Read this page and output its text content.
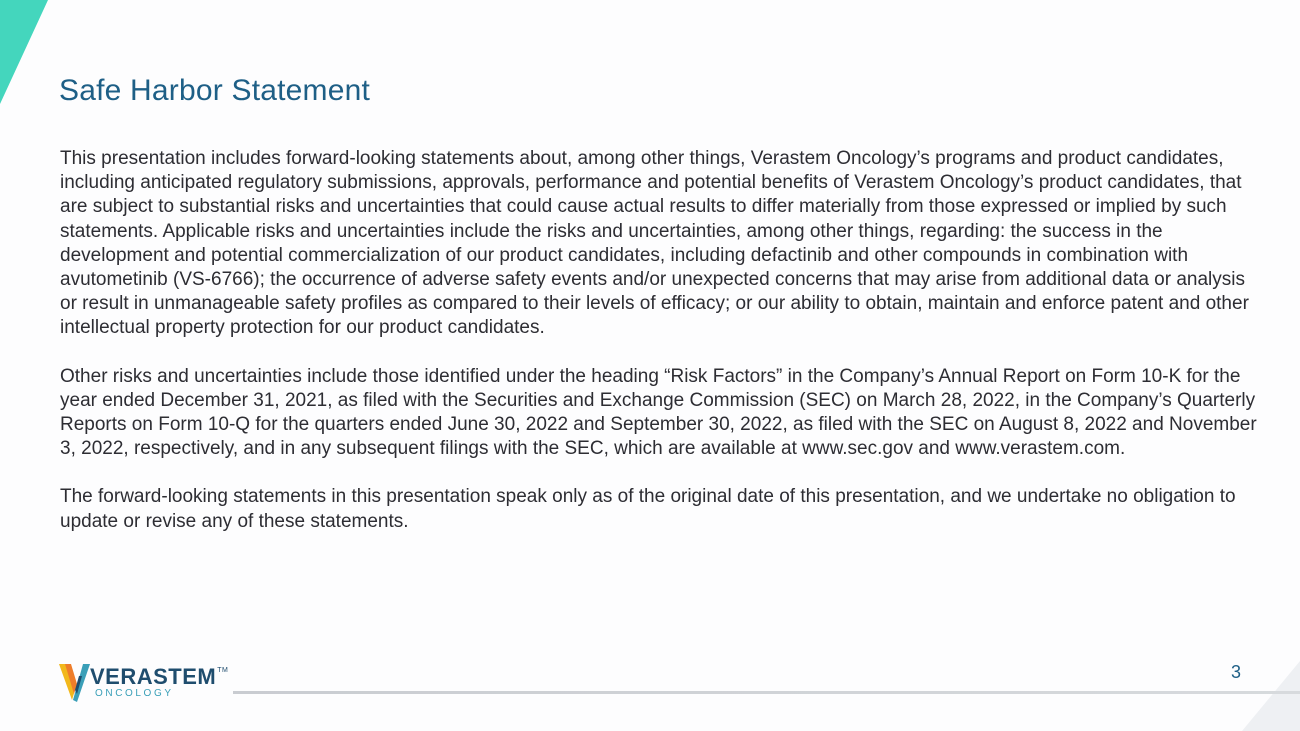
Safe Harbor Statement

This presentation includes forward-looking statements about, among other things, Verastem Oncology’s programs and product candidates, including anticipated regulatory submissions, approvals, performance and potential benefits of Verastem Oncology’s product candidates, that are subject to substantial risks and uncertainties that could cause actual results to differ materially from those expressed or implied by such statements. Applicable risks and uncertainties include the risks and uncertainties, among other things, regarding: the success in the development and potential commercialization of our product candidates, including defactinib and other compounds in combination with avutometinib (VS-6766); the occurrence of adverse safety events and/or unexpected concerns that may arise from additional data or analysis or result in unmanageable safety profiles as compared to their levels of efficacy; or our ability to obtain, maintain and enforce patent and other intellectual property protection for our product candidates.

Other risks and uncertainties include those identified under the heading “Risk Factors” in the Company’s Annual Report on Form 10-K for the year ended December 31, 2021, as filed with the Securities and Exchange Commission (SEC) on March 28, 2022, in the Company’s Quarterly Reports on Form 10-Q for the quarters ended June 30, 2022 and September 30, 2022, as filed with the SEC on August 8, 2022 and November 3, 2022, respectively, and in any subsequent filings with the SEC, which are available at www.sec.gov and www.verastem.com.

The forward-looking statements in this presentation speak only as of the original date of this presentation, and we undertake no obligation to update or revise any of these statements.

VERASTEM™
ONCOLOGY
3
